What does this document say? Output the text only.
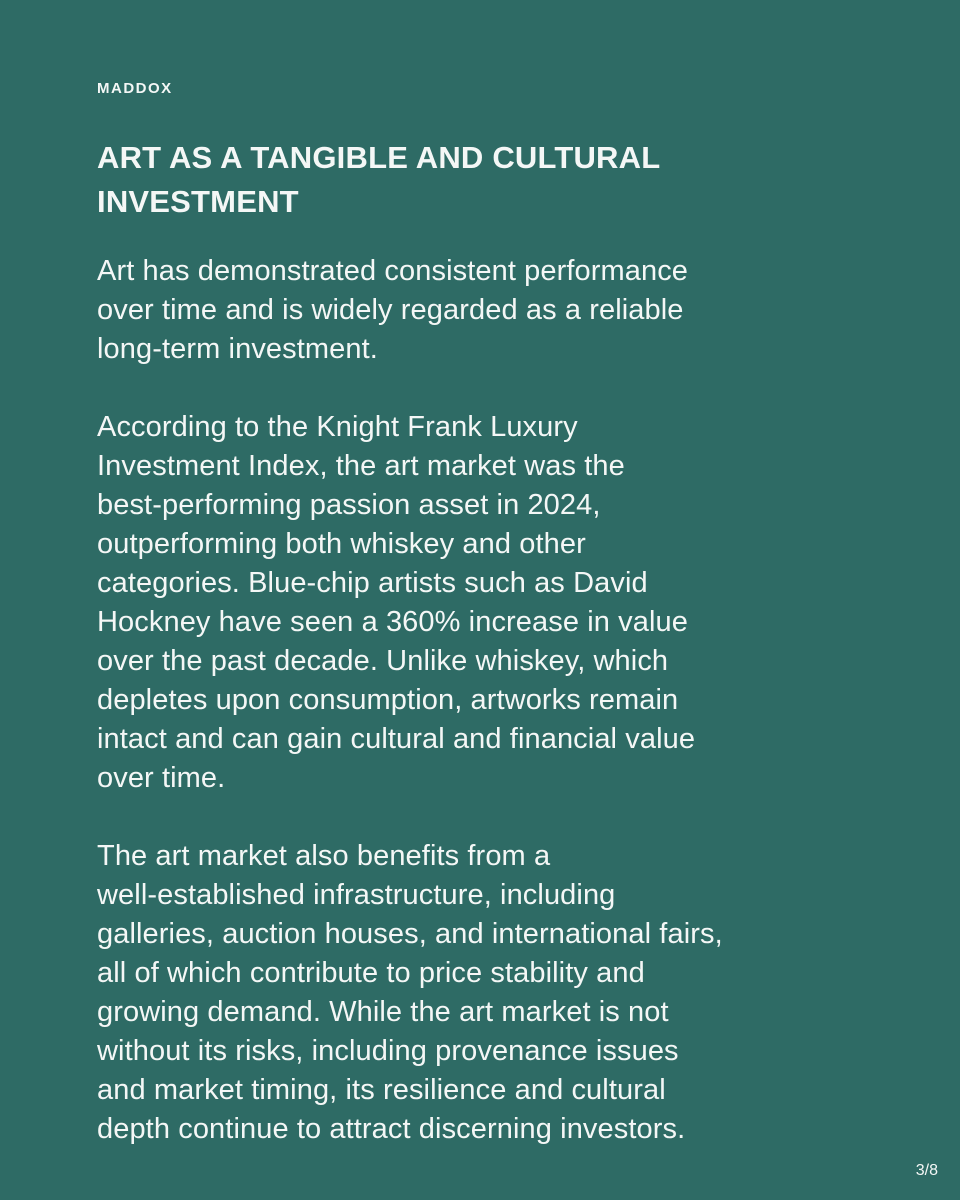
MADDOX

ART AS A TANGIBLE AND CULTURAL
INVESTMENT

Art has demonstrated consistent performance
over time and is widely regarded as a reliable
long-term investment.

According to the Knight Frank Luxury
Investment Index, the art market was the
best-performing passion asset in 2024,
outperforming both whiskey and other
categories. Blue-chip artists such as David
Hockney have seen a 360% increase in value
over the past decade. Unlike whiskey, which
depletes upon consumption, artworks remain
intact and can gain cultural and financial value
over time.

The art market also benefits from a
well-established infrastructure, including
galleries, auction houses, and international fairs,
all of which contribute to price stability and
growing demand. While the art market is not
without its risks, including provenance issues
and market timing, its resilience and cultural
depth continue to attract discerning investors.

3/8
